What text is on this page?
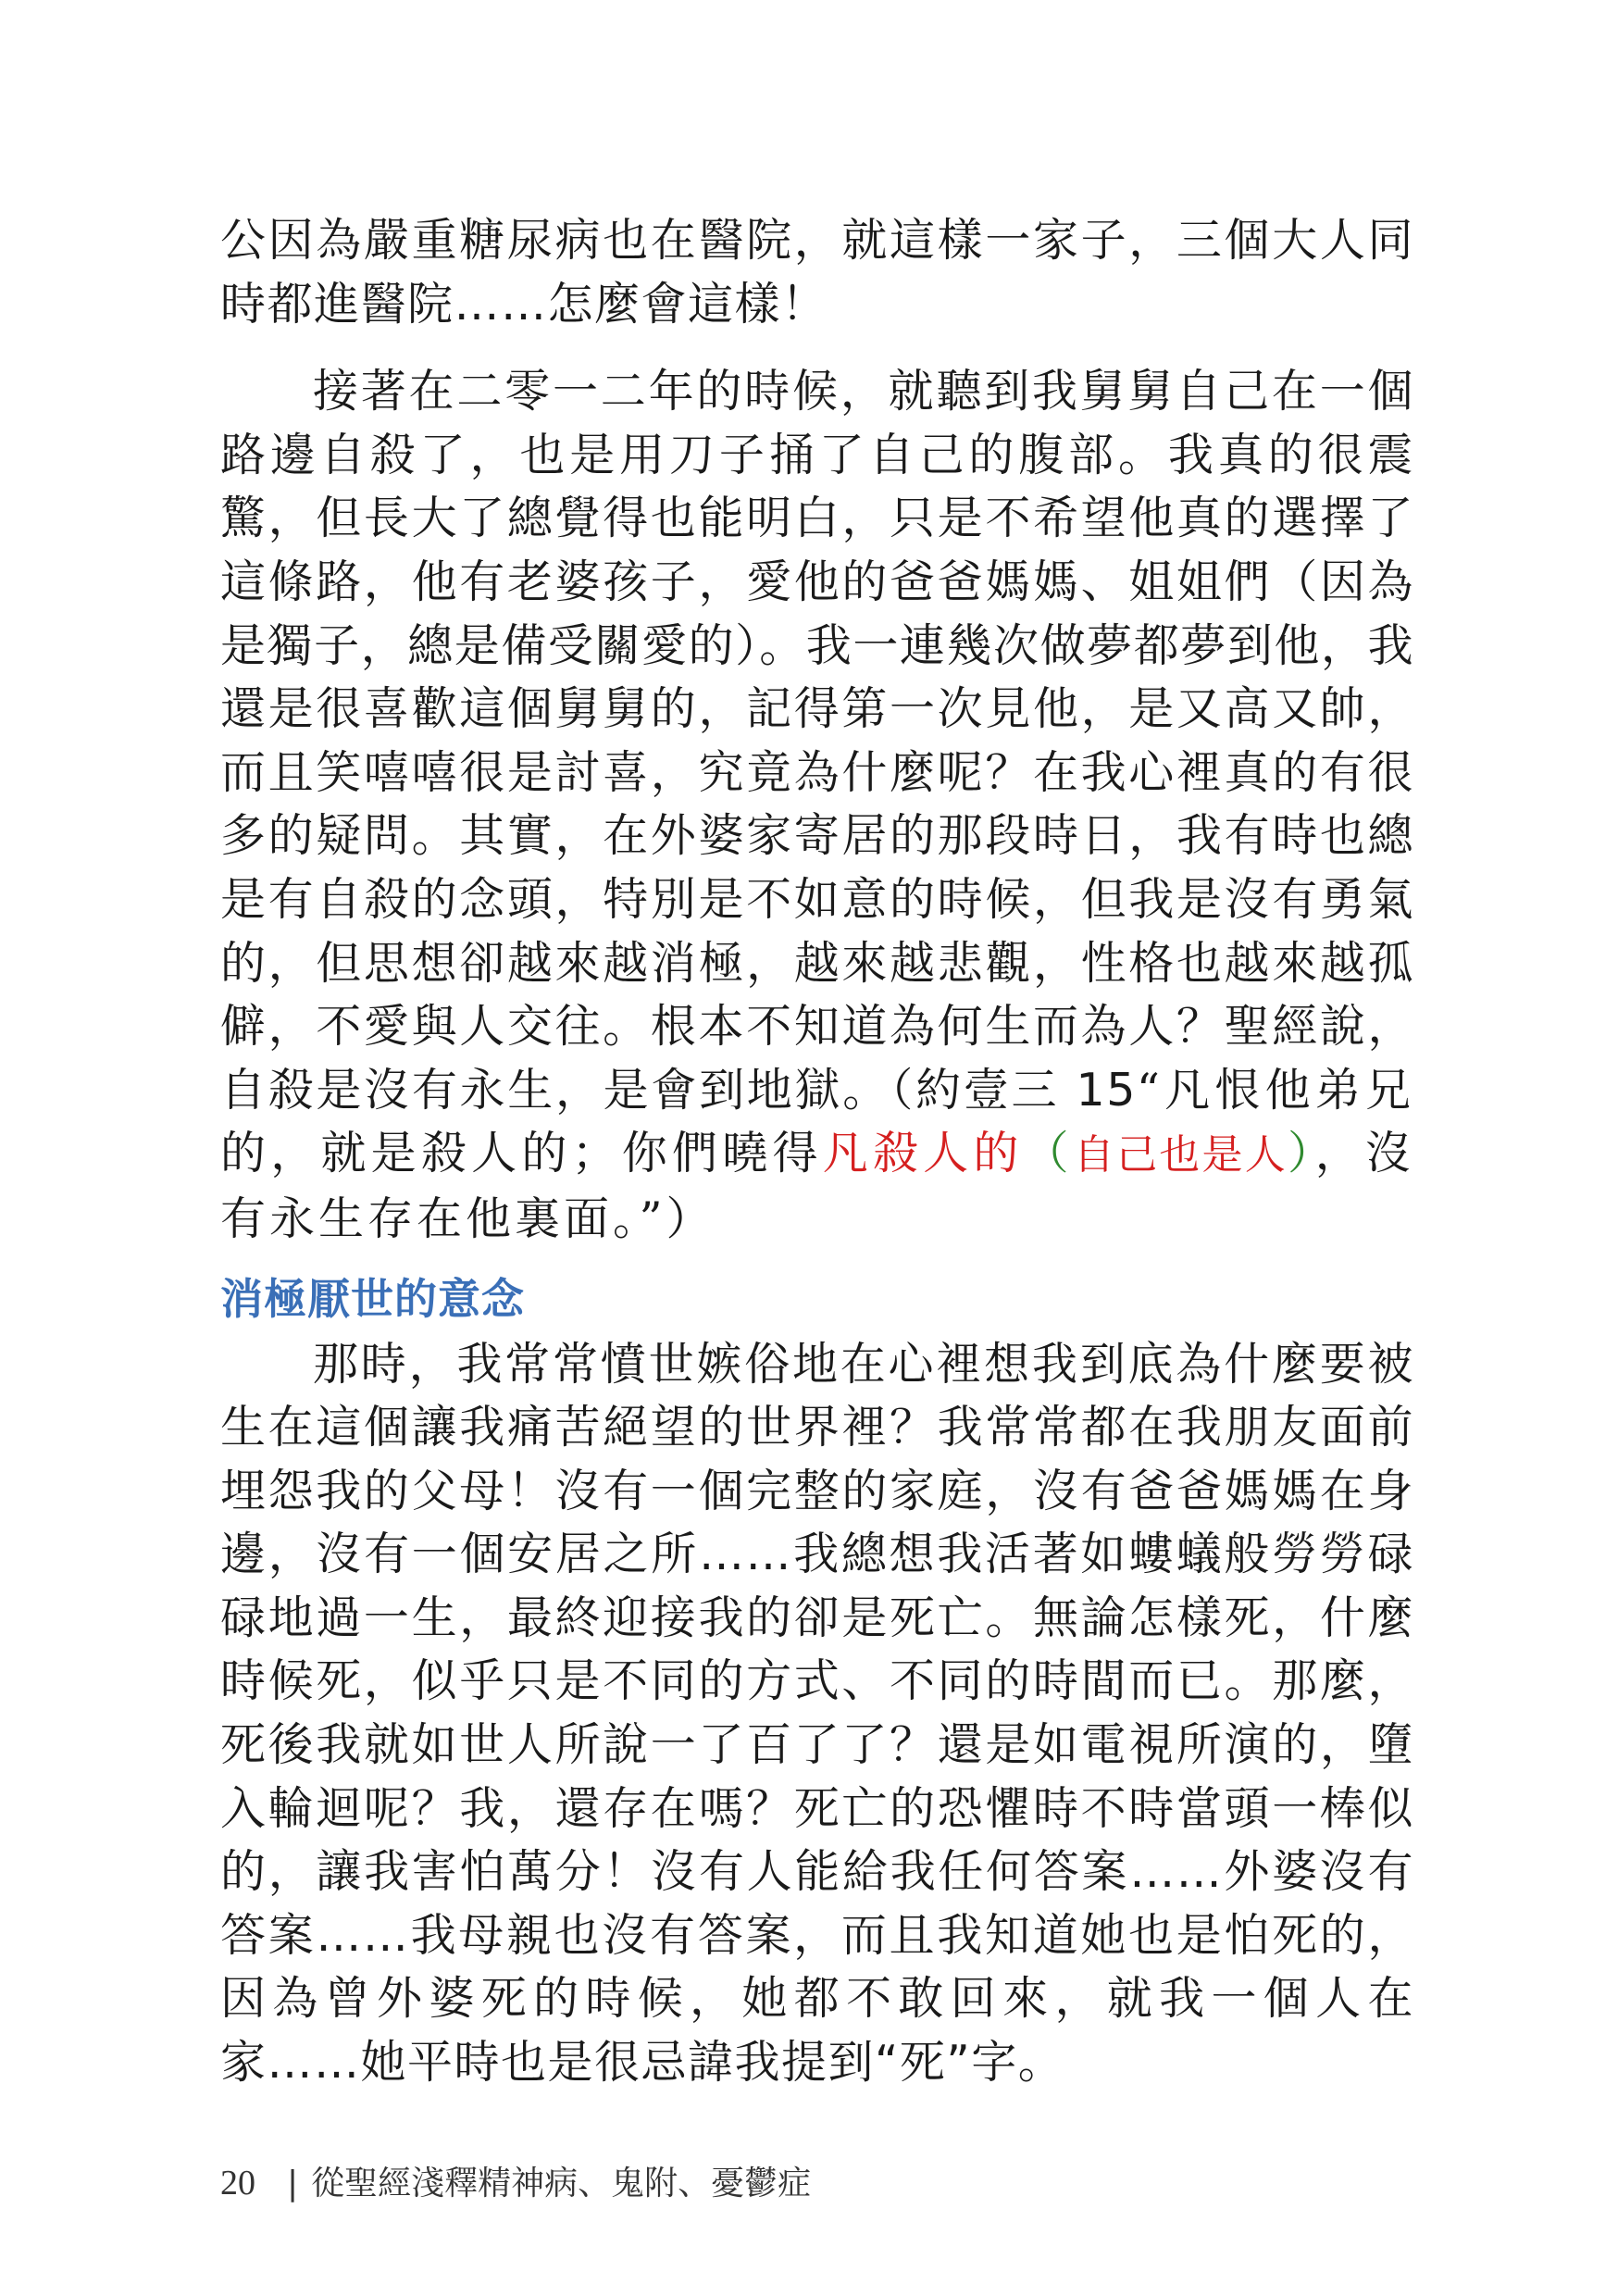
公因為嚴重糖尿病也在醫院，就這樣一家子，三個大人同時都進醫院……怎麼會這樣！

接著在二零一二年的時候，就聽到我舅舅自己在一個路邊自殺了，也是用刀子捅了自己的腹部。我真的很震驚，但長大了總覺得也能明白，只是不希望他真的選擇了這條路，他有老婆孩子，愛他的爸爸媽媽、姐姐們（因為是獨子，總是備受關愛的）。我一連幾次做夢都夢到他，我還是很喜歡這個舅舅的，記得第一次見他，是又高又帥，而且笑嘻嘻很是討喜，究竟為什麼呢？在我心裡真的有很多的疑問。其實，在外婆家寄居的那段時日，我有時也總是有自殺的念頭，特別是不如意的時候，但我是沒有勇氣的，但思想卻越來越消極，越來越悲觀，性格也越來越孤僻，不愛與人交往。根本不知道為何生而為人？聖經說，自殺是沒有永生，是會到地獄。（約壹三 15“凡恨他弟兄的，就是殺人的；你們曉得凡殺人的（自己也是人），沒有永生存在他裏面。”）

消極厭世的意念

那時，我常常憤世嫉俗地在心裡想我到底為什麼要被生在這個讓我痛苦絕望的世界裡？我常常都在我朋友面前埋怨我的父母！沒有一個完整的家庭，沒有爸爸媽媽在身邊，沒有一個安居之所……我總想我活著如螻蟻般勞勞碌碌地過一生，最終迎接我的卻是死亡。無論怎樣死，什麼時候死，似乎只是不同的方式、不同的時間而已。那麼，死後我就如世人所說一了百了了？還是如電視所演的，墮入輪迴呢？我，還存在嗎？死亡的恐懼時不時當頭一棒似的，讓我害怕萬分！沒有人能給我任何答案……外婆沒有答案……我母親也沒有答案，而且我知道她也是怕死的，因為曾外婆死的時候，她都不敢回來，就我一個人在家……她平時也是很忌諱我提到“死”字。

20 | 從聖經淺釋精神病、鬼附、憂鬱症
